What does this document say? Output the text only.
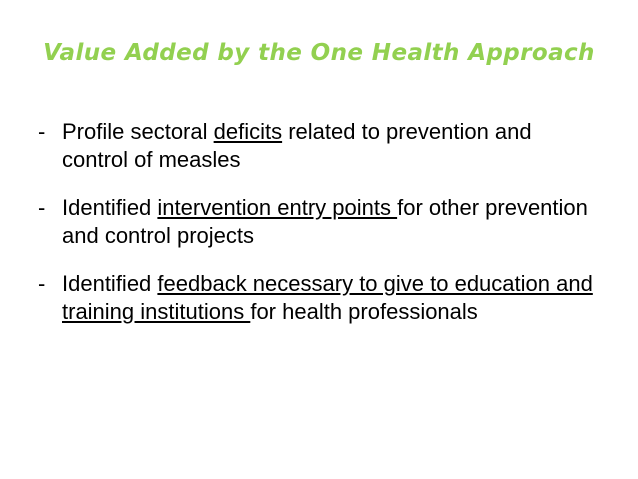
Value Added by the One Health Approach
- Profile sectoral deficits related to prevention and control of measles
- Identified intervention entry points for other prevention and control projects
- Identified feedback necessary to give to education and training institutions for health professionals
